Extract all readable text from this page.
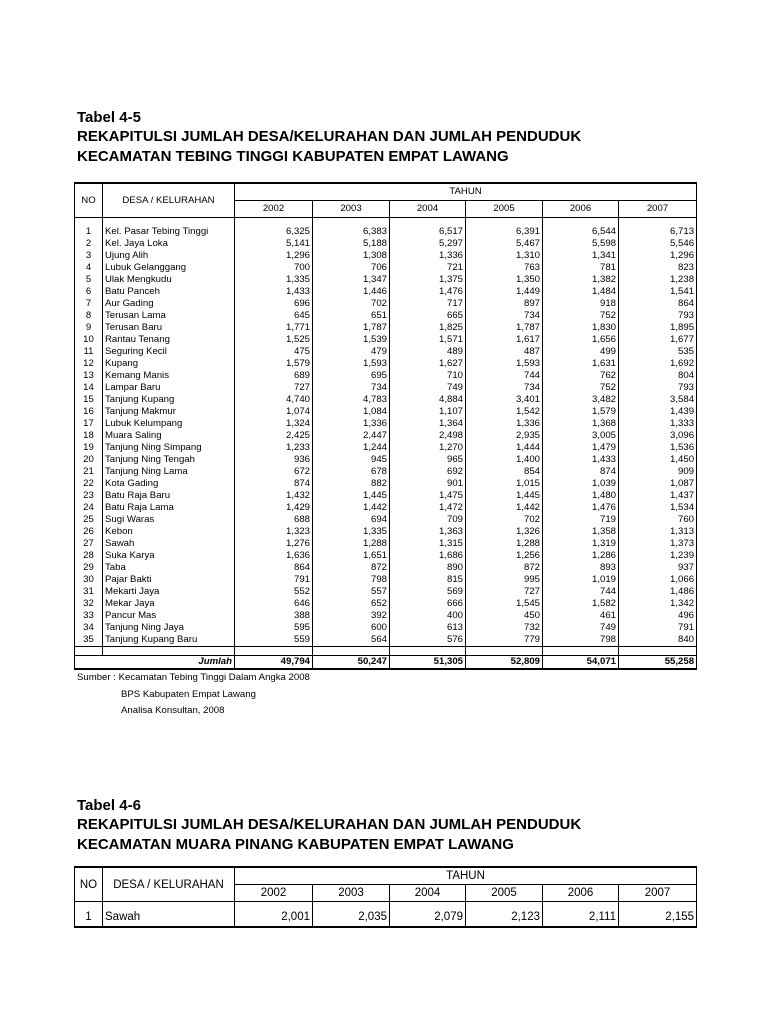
Tabel 4-5
REKAPITULSI JUMLAH DESA/KELURAHAN DAN JUMLAH PENDUDUK
KECAMATAN TEBING TINGGI KABUPATEN EMPAT LAWANG
NO	DESA / KELURAHAN	TAHUN					
		2002	2003	2004	2005	2006	2007

1	Kel. Pasar Tebing Tinggi	6,325	6,383	6,517	6,391	6,544	6,713
2	Kel. Jaya Loka	5,141	5,188	5,297	5,467	5,598	5,546
3	Ujung Alih	1,296	1,308	1,336	1,310	1,341	1,296
4	Lubuk Gelanggang	700	706	721	763	781	823
5	Ulak Mengkudu	1,335	1,347	1,375	1,350	1,382	1,238
6	Batu Panceh	1,433	1,446	1,476	1,449	1,484	1,541
7	Aur Gading	696	702	717	897	918	864
8	Terusan Lama	645	651	665	734	752	793
9	Terusan Baru	1,771	1,787	1,825	1,787	1,830	1,895
10	Rantau Tenang	1,525	1,539	1,571	1,617	1,656	1,677
11	Seguring Kecil	475	479	489	487	499	535
12	Kupang	1,579	1,593	1,627	1,593	1,631	1,692
13	Kemang Manis	689	695	710	744	762	804
14	Lampar Baru	727	734	749	734	752	793
15	Tanjung Kupang	4,740	4,783	4,884	3,401	3,482	3,584
16	Tanjung Makmur	1,074	1,084	1,107	1,542	1,579	1,439
17	Lubuk Kelumpang	1,324	1,336	1,364	1,336	1,368	1,333
18	Muara Saling	2,425	2,447	2,498	2,935	3,005	3,096
19	Tanjung Ning Simpang	1,233	1,244	1,270	1,444	1,479	1,536
20	Tanjung Ning Tengah	936	945	965	1,400	1,433	1,450
21	Tanjung Ning Lama	672	678	692	854	874	909
22	Kota Gading	874	882	901	1,015	1,039	1,087
23	Batu Raja Baru	1,432	1,445	1,475	1,445	1,480	1,437
24	Batu Raja Lama	1,429	1,442	1,472	1,442	1,476	1,534
25	Sugi Waras	688	694	709	702	719	760
26	Kebon	1,323	1,335	1,363	1,326	1,358	1,313
27	Sawah	1,276	1,288	1,315	1,288	1,319	1,373
28	Suka Karya	1,636	1,651	1,686	1,256	1,286	1,239
29	Taba	864	872	890	872	893	937
30	Pajar Bakti	791	798	815	995	1,019	1,066
31	Mekarti Jaya	552	557	569	727	744	1,486
32	Mekar Jaya	646	652	666	1,545	1,582	1,342
33	Pancur Mas	388	392	400	450	461	496
34	Tanjung Ning Jaya	595	600	613	732	749	791
35	Tanjung Kupang Baru	559	564	576	779	798	840

	Jumlah	49,794	50,247	51,305	52,809	54,071	55,258
Sumber : Kecamatan Tebing Tinggi Dalam Angka 2008
BPS Kabupaten Empat Lawang
Analisa Konsultan, 2008
Tabel 4-6
REKAPITULSI JUMLAH DESA/KELURAHAN DAN JUMLAH PENDUDUK
KECAMATAN MUARA PINANG KABUPATEN EMPAT LAWANG
NO	DESA / KELURAHAN	TAHUN					
		2002	2003	2004	2005	2006	2007

1	Sawah	2,001	2,035	2,079	2,123	2,111	2,155
